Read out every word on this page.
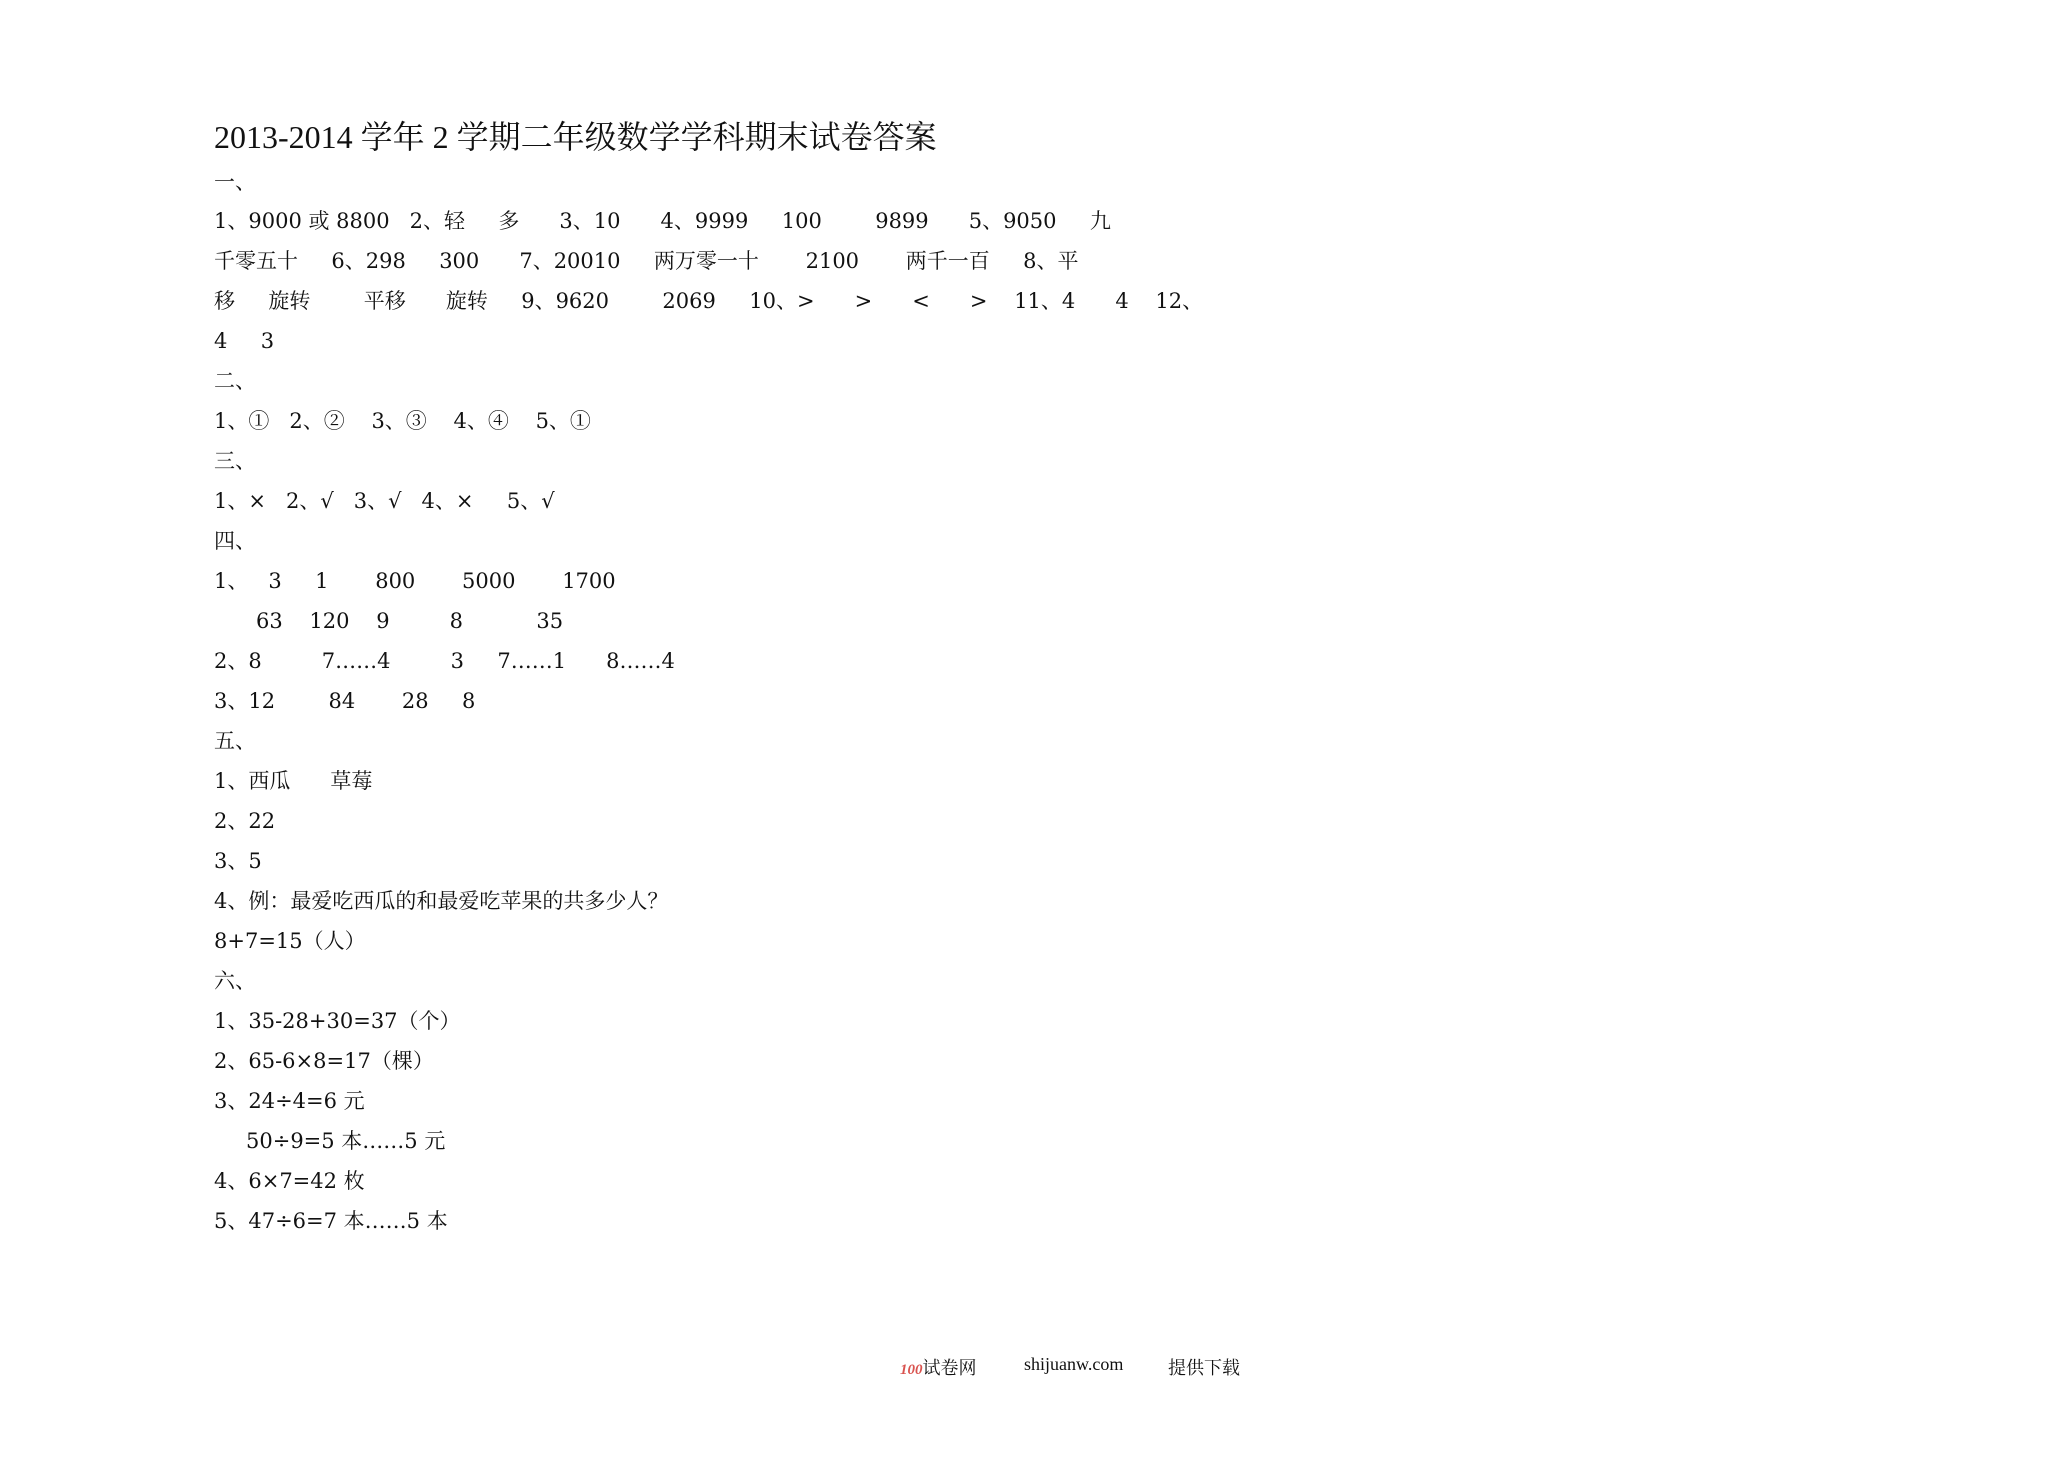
2013-2014 学年 2 学期二年级数学学科期末试卷答案
一、
1、9000 或 8800   2、轻     多      3、10      4、9999     100        9899      5、9050     九
千零五十     6、298     300      7、20010     两万零一十       2100       两千一百     8、平
移     旋转        平移      旋转     9、9620        2069     10、>      >      <      >    11、4      4    12、
4     3
二、
1、①   2、②    3、③    4、④    5、①
三、
1、×   2、√   3、√   4、×     5、√
四、
1、   3     1       800       5000       1700
63    120    9         8           35
2、8         7……4         3     7……1      8……4
3、12        84       28     8
五、
1、西瓜      草莓
2、22
3、5
4、例：最爱吃西瓜的和最爱吃苹果的共多少人？
8+7=15（人）
六、
1、35-28+30=37（个）
2、65-6×8=17（棵）
3、24÷4=6 元
50÷9=5 本……5 元
4、6×7=42 枚
5、47÷6=7 本……5 本
100试卷网	shijuanw.com 提供下载
